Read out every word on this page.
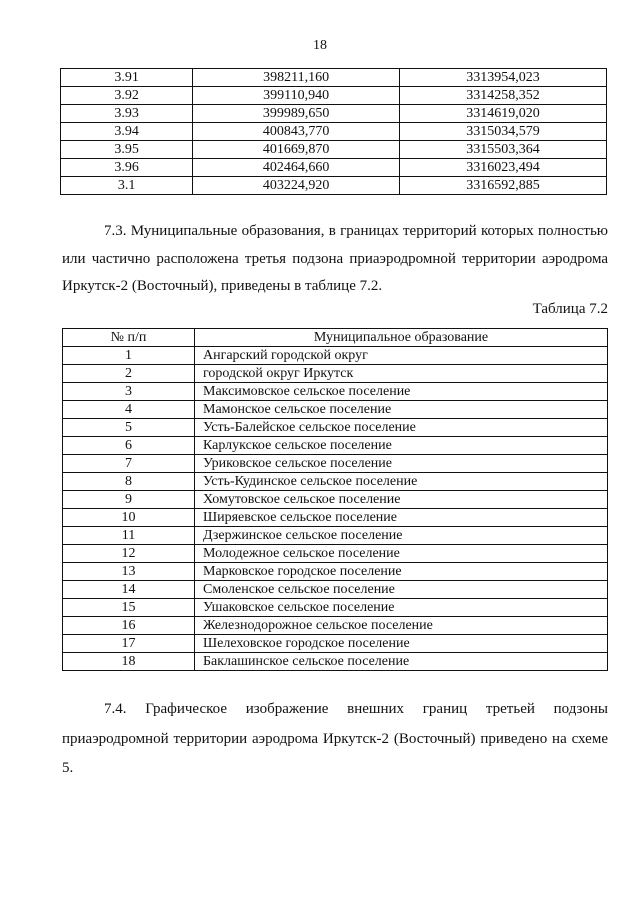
18
3.91	398211,160	3313954,023
3.92	399110,940	3314258,352
3.93	399989,650	3314619,020
3.94	400843,770	3315034,579
3.95	401669,870	3315503,364
3.96	402464,660	3316023,494
3.1	403224,920	3316592,885
7.3. Муниципальные образования, в границах территорий которых полностью или частично расположена третья подзона приаэродромной территории аэродрома Иркутск-2 (Восточный), приведены в таблице 7.2.
Таблица 7.2
№ п/п	Муниципальное образование
1	Ангарский городской округ
2	городской округ Иркутск
3	Максимовское сельское поселение
4	Мамонское сельское поселение
5	Усть-Балейское сельское поселение
6	Карлукское сельское поселение
7	Уриковское сельское поселение
8	Усть-Кудинское сельское поселение
9	Хомутовское сельское поселение
10	Ширяевское сельское поселение
11	Дзержинское сельское поселение
12	Молодежное сельское поселение
13	Марковское городское поселение
14	Смоленское сельское поселение
15	Ушаковское сельское поселение
16	Железнодорожное сельское поселение
17	Шелеховское городское поселение
18	Баклашинское сельское поселение
7.4. Графическое изображение внешних границ третьей подзоны приаэродромной территории аэродрома Иркутск-2 (Восточный) приведено на схеме 5.
